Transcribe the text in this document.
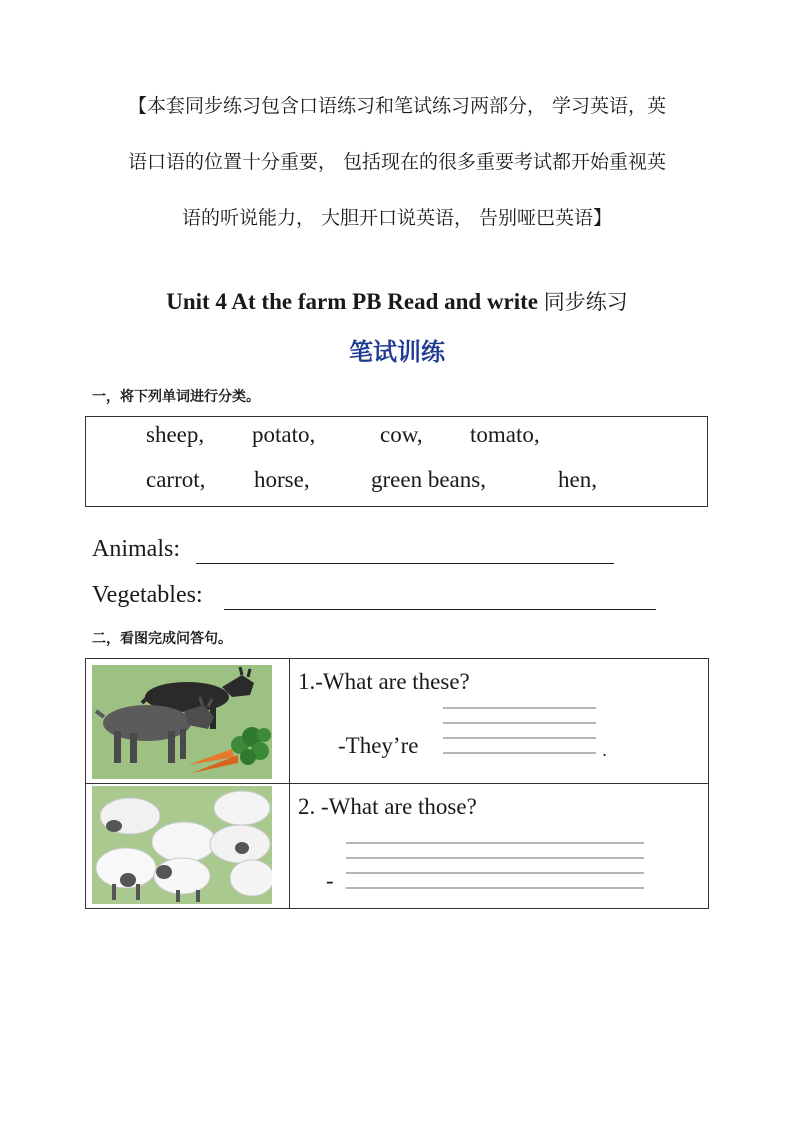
【本套同步练习包含口语练习和笔试练习两部分， 学习英语，英
语口语的位置十分重要， 包括现在的很多重要考试都开始重视英
语的听说能力， 大胆开口说英语， 告别哑巴英语】
Unit 4 At the farm PB Read and write 同步练习
笔试训练
一，将下列单词进行分类。
sheep, potato,	cow, tomato,
carrot, horse,	green beans,	hen,
Animals:
Vegetables:
二，看图完成问答句。

1.-What are these?
-They’re .

2. -What are those?
-
